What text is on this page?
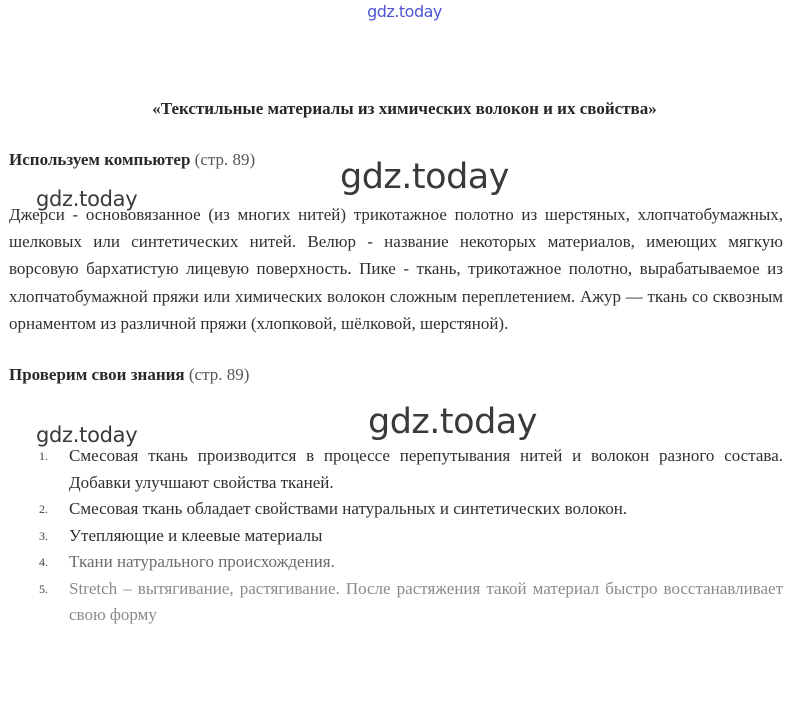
gdz.today
«Текстильные материалы из химических волокон и их свойства»
Используем компьютер (стр. 89)
Джерси - основовязанное (из многих нитей) трикотажное полотно из шерстяных, хлопчатобумажных, шелковых или синтетических нитей. Велюр - название некоторых материалов, имеющих мягкую ворсовую бархатистую лицевую поверхность. Пике - ткань, трикотажное полотно, вырабатываемое из хлопчатобумажной пряжи или химических волокон сложным переплетением. Ажур — ткань со сквозным орнаментом из различной пряжи (хлопковой, шёлковой, шерстяной).
Проверим свои знания (стр. 89)
1. Смесовая ткань производится в процессе перепутывания нитей и волокон разного состава. Добавки улучшают свойства тканей.
2. Смесовая ткань обладает свойствами натуральных и синтетических волокон.
3. Утепляющие и клеевые материалы
4. Ткани натурального происхождения.
5. Stretch – вытягивание, растягивание. После растяжения такой материал быстро восстанавливает свою форму
gdz.today
gdz.today
gdz.today
gdz.today
